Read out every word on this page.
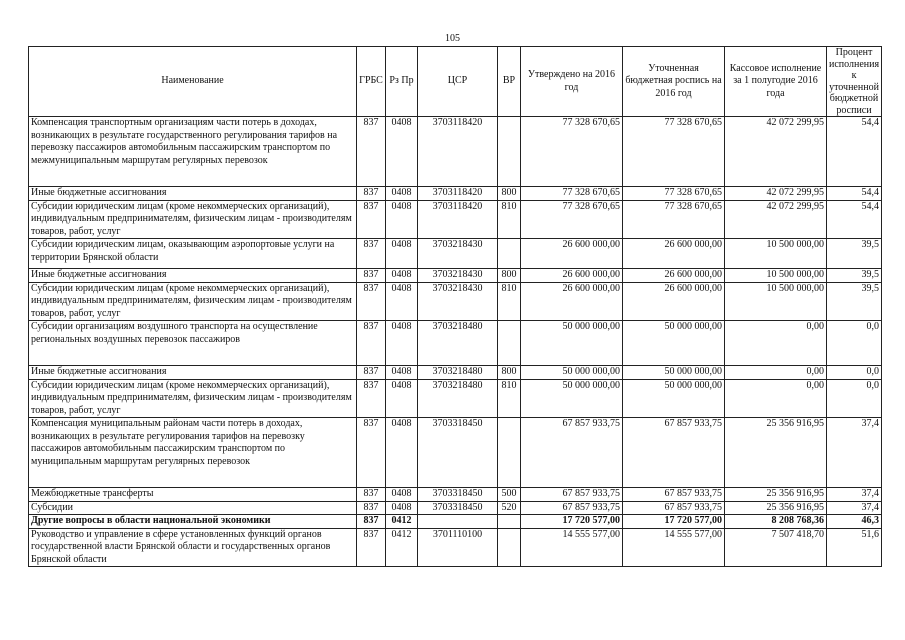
105
Наименование	ГРБС	Рз Пр	ЦСР	ВР	Утверждено на 2016 год	Уточненная бюджетная роспись на 2016 год	Кассовое исполнение за 1 полугодие 2016 года	Процент исполнения к уточненной бюджетной росписи
Компенсация транспортным организациям части потерь в доходах, возникающих в результате государственного регулирования тарифов на перевозку пассажиров автомобильным пассажирским транспортом по межмуниципальным маршрутам регулярных перевозок	837	0408	3703118420		77 328 670,65	77 328 670,65	42 072 299,95	54,4
Иные бюджетные ассигнования	837	0408	3703118420	800	77 328 670,65	77 328 670,65	42 072 299,95	54,4
Субсидии юридическим лицам (кроме некоммерческих организаций), индивидуальным предпринимателям, физическим лицам - производителям товаров, работ, услуг	837	0408	3703118420	810	77 328 670,65	77 328 670,65	42 072 299,95	54,4
Субсидии юридическим лицам, оказывающим аэропортовые услуги на территории Брянской области	837	0408	3703218430		26 600 000,00	26 600 000,00	10 500 000,00	39,5
Иные бюджетные ассигнования	837	0408	3703218430	800	26 600 000,00	26 600 000,00	10 500 000,00	39,5
Субсидии юридическим лицам (кроме некоммерческих организаций), индивидуальным предпринимателям, физическим лицам - производителям товаров, работ, услуг	837	0408	3703218430	810	26 600 000,00	26 600 000,00	10 500 000,00	39,5
Субсидии организациям воздушного транспорта на осуществление региональных воздушных перевозок пассажиров	837	0408	3703218480		50 000 000,00	50 000 000,00	0,00	0,0
Иные бюджетные ассигнования	837	0408	3703218480	800	50 000 000,00	50 000 000,00	0,00	0,0
Субсидии юридическим лицам (кроме некоммерческих организаций), индивидуальным предпринимателям, физическим лицам - производителям товаров, работ, услуг	837	0408	3703218480	810	50 000 000,00	50 000 000,00	0,00	0,0
Компенсация муниципальным районам части потерь в доходах, возникающих в результате регулирования тарифов на перевозку пассажиров автомобильным пассажирским транспортом по муниципальным маршрутам регулярных перевозок	837	0408	3703318450		67 857 933,75	67 857 933,75	25 356 916,95	37,4
Межбюджетные трансферты	837	0408	3703318450	500	67 857 933,75	67 857 933,75	25 356 916,95	37,4
Субсидии	837	0408	3703318450	520	67 857 933,75	67 857 933,75	25 356 916,95	37,4
Другие вопросы в области национальной экономики	837	0412			17 720 577,00	17 720 577,00	8 208 768,36	46,3
Руководство и управление в сфере установленных функций органов государственной власти Брянской области и государственных органов Брянской области	837	0412	3701110100		14 555 577,00	14 555 577,00	7 507 418,70	51,6
